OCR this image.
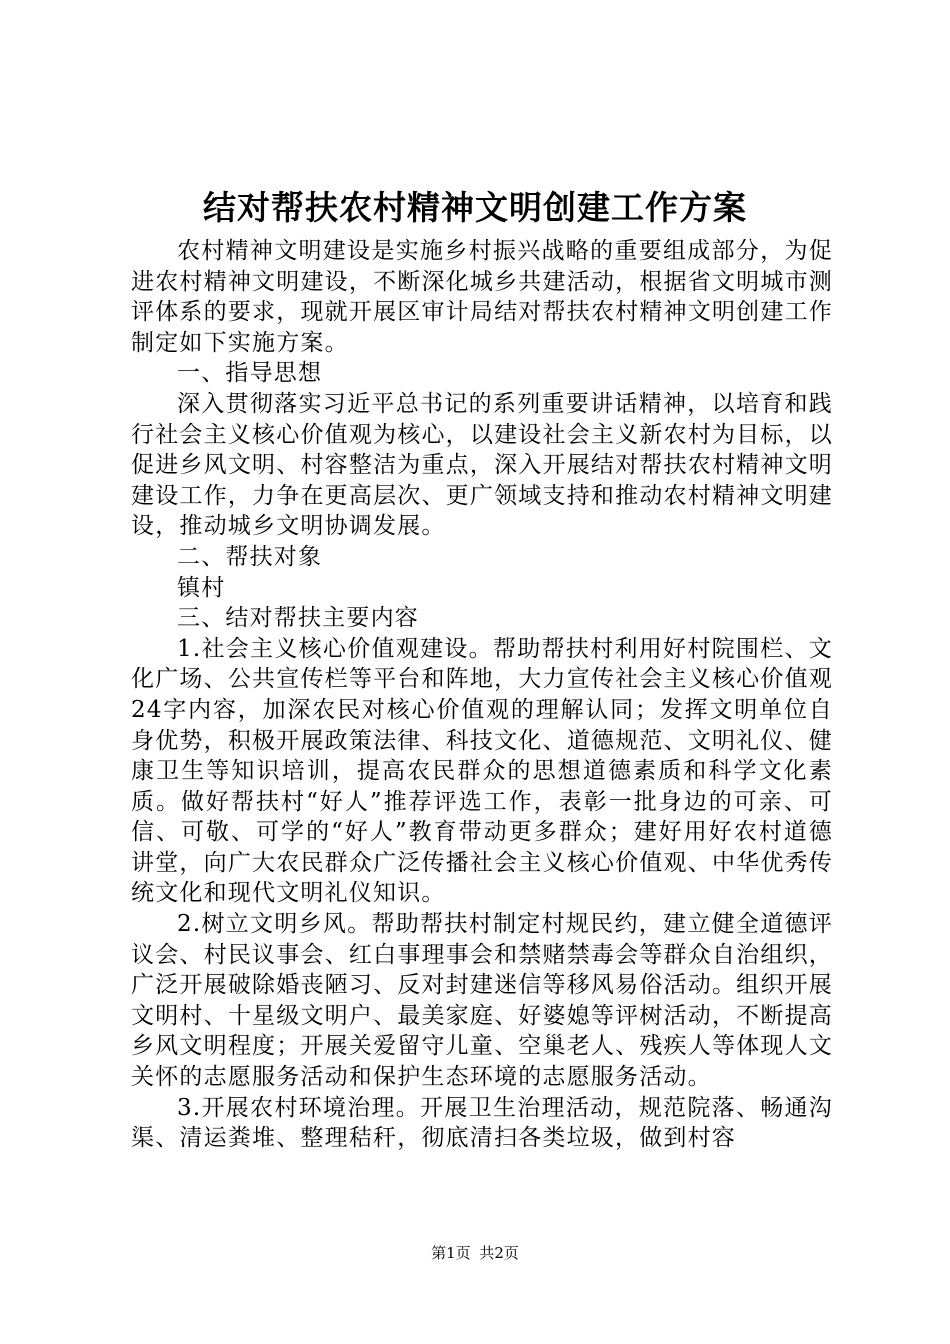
结对帮扶农村精神文明创建工作方案

农村精神文明建设是实施乡村振兴战略的重要组成部分，为促进农村精神文明建设，不断深化城乡共建活动，根据省文明城市测评体系的要求，现就开展区审计局结对帮扶农村精神文明创建工作制定如下实施方案。

一、指导思想

深入贯彻落实习近平总书记的系列重要讲话精神，以培育和践行社会主义核心价值观为核心，以建设社会主义新农村为目标，以促进乡风文明、村容整洁为重点，深入开展结对帮扶农村精神文明建设工作，力争在更高层次、更广领域支持和推动农村精神文明建设，推动城乡文明协调发展。

二、帮扶对象

镇村

三、结对帮扶主要内容

1.社会主义核心价值观建设。帮助帮扶村利用好村院围栏、文化广场、公共宣传栏等平台和阵地，大力宣传社会主义核心价值观24字内容，加深农民对核心价值观的理解认同；发挥文明单位自身优势，积极开展政策法律、科技文化、道德规范、文明礼仪、健康卫生等知识培训，提高农民群众的思想道德素质和科学文化素质。做好帮扶村“好人”推荐评选工作，表彰一批身边的可亲、可信、可敬、可学的“好人”教育带动更多群众；建好用好农村道德讲堂，向广大农民群众广泛传播社会主义核心价值观、中华优秀传统文化和现代文明礼仪知识。

2.树立文明乡风。帮助帮扶村制定村规民约，建立健全道德评议会、村民议事会、红白事理事会和禁赌禁毒会等群众自治组织，广泛开展破除婚丧陋习、反对封建迷信等移风易俗活动。组织开展文明村、十星级文明户、最美家庭、好婆媳等评树活动，不断提高乡风文明程度；开展关爱留守儿童、空巢老人、残疾人等体现人文关怀的志愿服务活动和保护生态环境的志愿服务活动。

3.开展农村环境治理。开展卫生治理活动，规范院落、畅通沟渠、清运粪堆、整理秸秆，彻底清扫各类垃圾，做到村容

第1页 共2页
